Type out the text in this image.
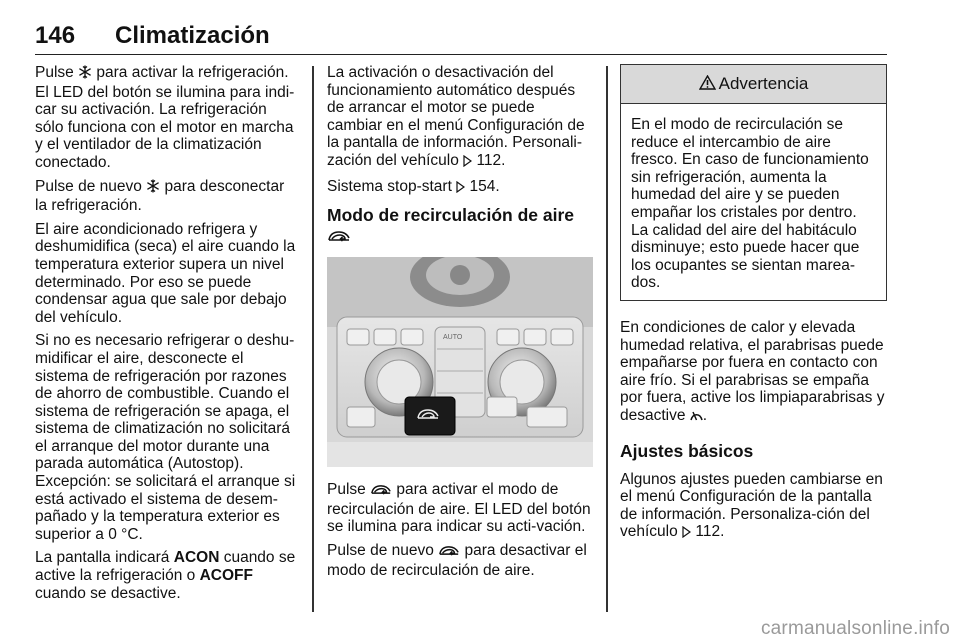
146 Climatización

Pulse  para activar la refrigeración. El LED del botón se ilumina para indi-car su activación. La refrigeración sólo funciona con el motor en marcha y el ventilador de la climatización conectado.

Pulse de nuevo  para desconectar la refrigeración.

El aire acondicionado refrigera y deshumidifica (seca) el aire cuando la temperatura exterior supera un nivel determinado. Por eso se puede condensar agua que sale por debajo del vehículo.

Si no es necesario refrigerar o deshu-midificar el aire, desconecte el sistema de refrigeración por razones de ahorro de combustible. Cuando el sistema de refrigeración se apaga, el sistema de climatización no solicitará el arranque del motor durante una parada automática (Autostop). Excepción: se solicitará el arranque si está activado el sistema de desem-pañado y la temperatura exterior es superior a 0 °C.

La pantalla indicará ACON cuando se active la refrigeración o ACOFF cuando se desactive.

La activación o desactivación del funcionamiento automático después de arrancar el motor se puede cambiar en el menú Configuración de la pantalla de información. Personali-zación del vehículo  112.

Sistema stop-start  154.

Modo de recirculación de aire
AUTO

Pulse  para activar el modo de recirculación de aire. El LED del botón se ilumina para indicar su acti-vación.

Pulse de nuevo  para desactivar el modo de recirculación de aire.

Advertencia
En el modo de recirculación se reduce el intercambio de aire fresco. En caso de funcionamiento sin refrigeración, aumenta la humedad del aire y se pueden empañar los cristales por dentro. La calidad del aire del habitáculo disminuye; esto puede hacer que los ocupantes se sientan marea-dos.

En condiciones de calor y elevada humedad relativa, el parabrisas puede empañarse por fuera en contacto con aire frío. Si el parabrisas se empaña por fuera, active los limpiaparabrisas y desactive .

Ajustes básicos

Algunos ajustes pueden cambiarse en el menú Configuración de la pantalla de información. Personaliza-ción del vehículo  112.

carmanualsonline.info
